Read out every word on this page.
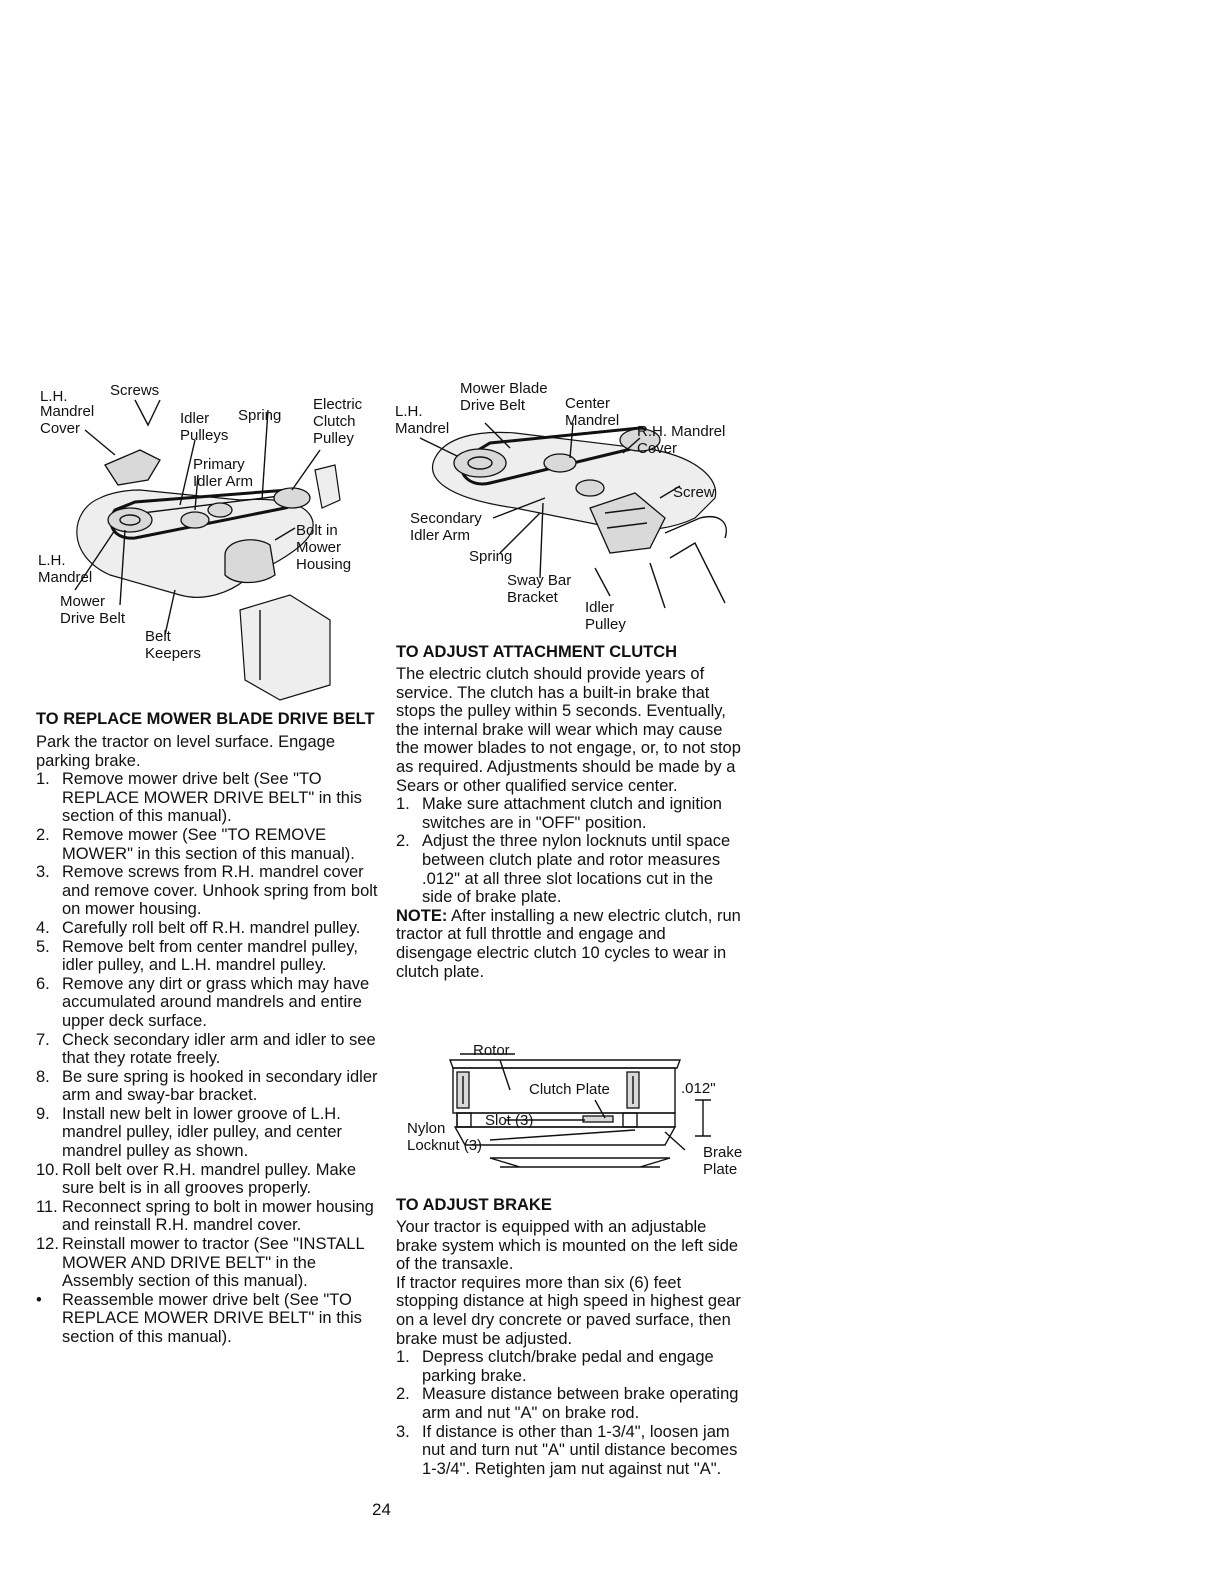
L.H.	Screws
Mandrel
Cover
Idler
Pulleys
Spring
Electric
Clutch
Pulley
Primary
Idler Arm
Bolt in
Mower
Housing
L.H.
Mandrel
Mower
Drive Belt
Belt
Keepers
Mower Blade
Drive Belt
L.H.
Mandrel
Center
Mandrel
R.H. Mandrel
Cover
Screw
Secondary
Idler Arm
Spring
Sway Bar
Bracket
Idler
Pulley
TO REPLACE MOWER BLADE DRIVE BELT

Park the tractor on level surface. Engage parking brake.

1. Remove mower drive belt (See "TO REPLACE MOWER DRIVE BELT" in this section of this manual).
2. Remove mower (See "TO REMOVE MOWER" in this section of this manual).
3. Remove screws from R.H. mandrel cover and remove cover. Unhook spring from bolt on mower housing.
4. Carefully roll belt off R.H. mandrel pulley.
5. Remove belt from center mandrel pulley, idler pulley, and L.H. mandrel pulley.
6. Remove any dirt or grass which may have accumulated around mandrels and entire upper deck surface.
7. Check secondary idler arm and idler to see that they rotate freely.
8. Be sure spring is hooked in secondary idler arm and sway-bar bracket.
9. Install new belt in lower groove of L.H. mandrel pulley, idler pulley, and center mandrel pulley as shown.
10. Roll belt over R.H. mandrel pulley. Make sure belt is in all grooves properly.
11. Reconnect spring to bolt in mower housing and reinstall R.H. mandrel cover.
12. Reinstall mower to tractor (See "INSTALL MOWER AND DRIVE BELT" in the Assembly section of this manual).
• Reassemble mower drive belt (See "TO REPLACE MOWER DRIVE BELT" in this section of this manual).
TO ADJUST ATTACHMENT CLUTCH

The electric clutch should provide years of service. The clutch has a built-in brake that stops the pulley within 5 seconds. Eventually, the internal brake will wear which may cause the mower blades to not engage, or, to not stop as required. Adjustments should be made by a Sears or other qualified service center.

1. Make sure attachment clutch and ignition switches are in "OFF" position.
2. Adjust the three nylon locknuts until space between clutch plate and rotor measures .012" at all three slot locations cut in the side of brake plate.

NOTE: After installing a new electric clutch, run tractor at full throttle and engage and disengage electric clutch 10 cycles to wear in clutch plate.

Rotor
Clutch Plate	.012"
Slot (3)
Nylon
Locknut (3)	Brake
Plate
TO ADJUST BRAKE

Your tractor is equipped with an adjustable brake system which is mounted on the left side of the transaxle.

If tractor requires more than six (6) feet stopping distance at high speed in highest gear on a level dry concrete or paved surface, then brake must be adjusted.

1. Depress clutch/brake pedal and engage parking brake.
2. Measure distance between brake operating arm and nut "A" on brake rod.
3. If distance is other than 1-3/4", loosen jam nut and turn nut "A" until distance becomes 1-3/4". Retighten jam nut against nut "A".
24
